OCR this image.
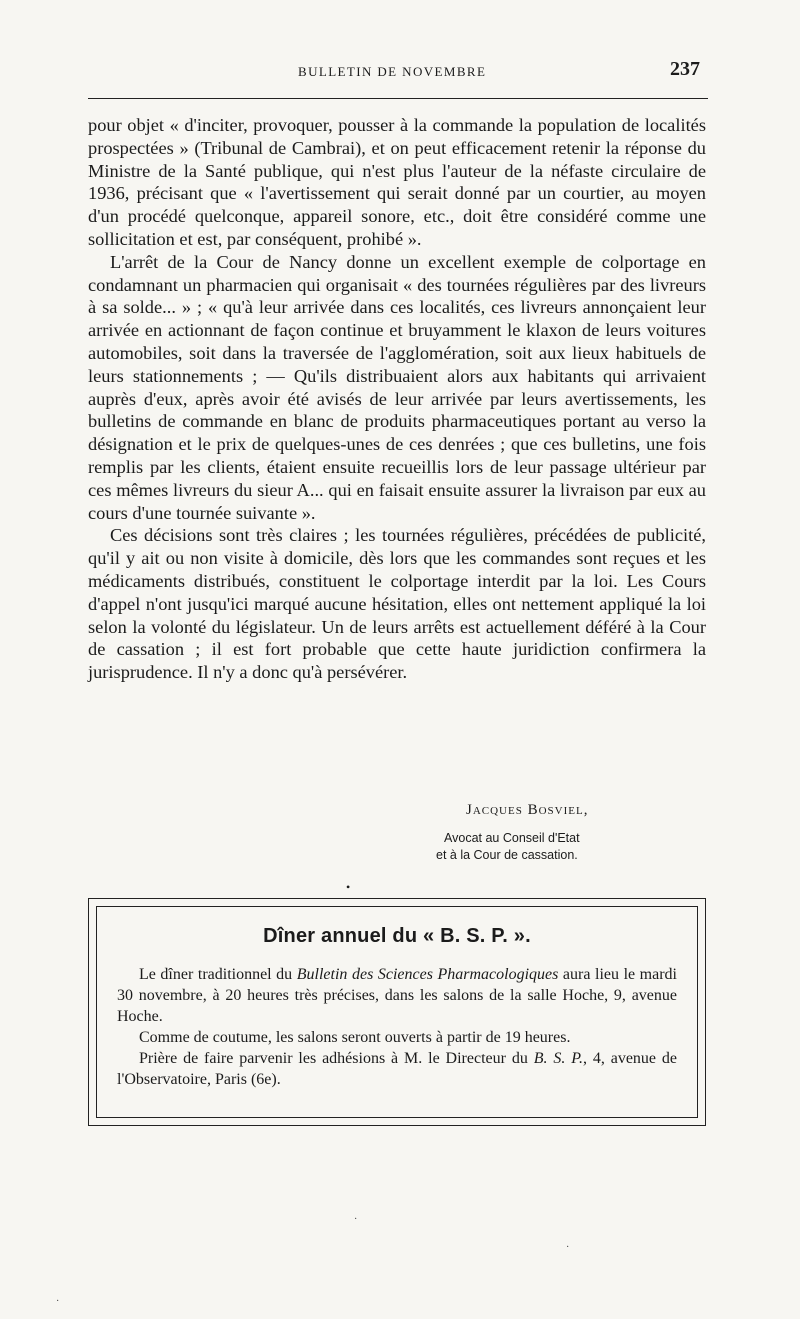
BULLETIN DE NOVEMBRE	237

pour objet « d'inciter, provoquer, pousser à la commande la population de localités prospectées » (Tribunal de Cambrai), et on peut efficacement retenir la réponse du Ministre de la Santé publique, qui n'est plus l'auteur de la néfaste circulaire de 1936, précisant que « l'avertissement qui serait donné par un courtier, au moyen d'un procédé quelconque, appareil sonore, etc., doit être considéré comme une sollicitation et est, par conséquent, prohibé ».

L'arrêt de la Cour de Nancy donne un excellent exemple de colportage en condamnant un pharmacien qui organisait « des tournées régulières par des livreurs à sa solde... » ; « qu'à leur arrivée dans ces localités, ces livreurs annonçaient leur arrivée en actionnant de façon continue et bruyamment le klaxon de leurs voitures automobiles, soit dans la traversée de l'agglomération, soit aux lieux habituels de leurs stationnements ; — Qu'ils distribuaient alors aux habitants qui arrivaient auprès d'eux, après avoir été avisés de leur arrivée par leurs avertissements, les bulletins de commande en blanc de produits pharmaceutiques portant au verso la désignation et le prix de quelques-unes de ces denrées ; que ces bulletins, une fois remplis par les clients, étaient ensuite recueillis lors de leur passage ultérieur par ces mêmes livreurs du sieur A... qui en faisait ensuite assurer la livraison par eux au cours d'une tournée suivante ».

Ces décisions sont très claires ; les tournées régulières, précédées de publicité, qu'il y ait ou non visite à domicile, dès lors que les commandes sont reçues et les médicaments distribués, constituent le colportage interdit par la loi. Les Cours d'appel n'ont jusqu'ici marqué aucune hésitation, elles ont nettement appliqué la loi selon la volonté du législateur. Un de leurs arrêts est actuellement déféré à la Cour de cassation ; il est fort probable que cette haute juridiction confirmera la jurisprudence. Il n'y a donc qu'à persévérer.

Jacques Bosviel,
Avocat au Conseil d'Etat
et à la Cour de cassation.
•
Dîner annuel du « B. S. P. ».

Le dîner traditionnel du Bulletin des Sciences Pharmacologiques aura lieu le mardi 30 novembre, à 20 heures très précises, dans les salons de la salle Hoche, 9, avenue Hoche.

Comme de coutume, les salons seront ouverts à partir de 19 heures.

Prière de faire parvenir les adhésions à M. le Directeur du B. S. P., 4, avenue de l'Observatoire, Paris (6e).

·
·
·
